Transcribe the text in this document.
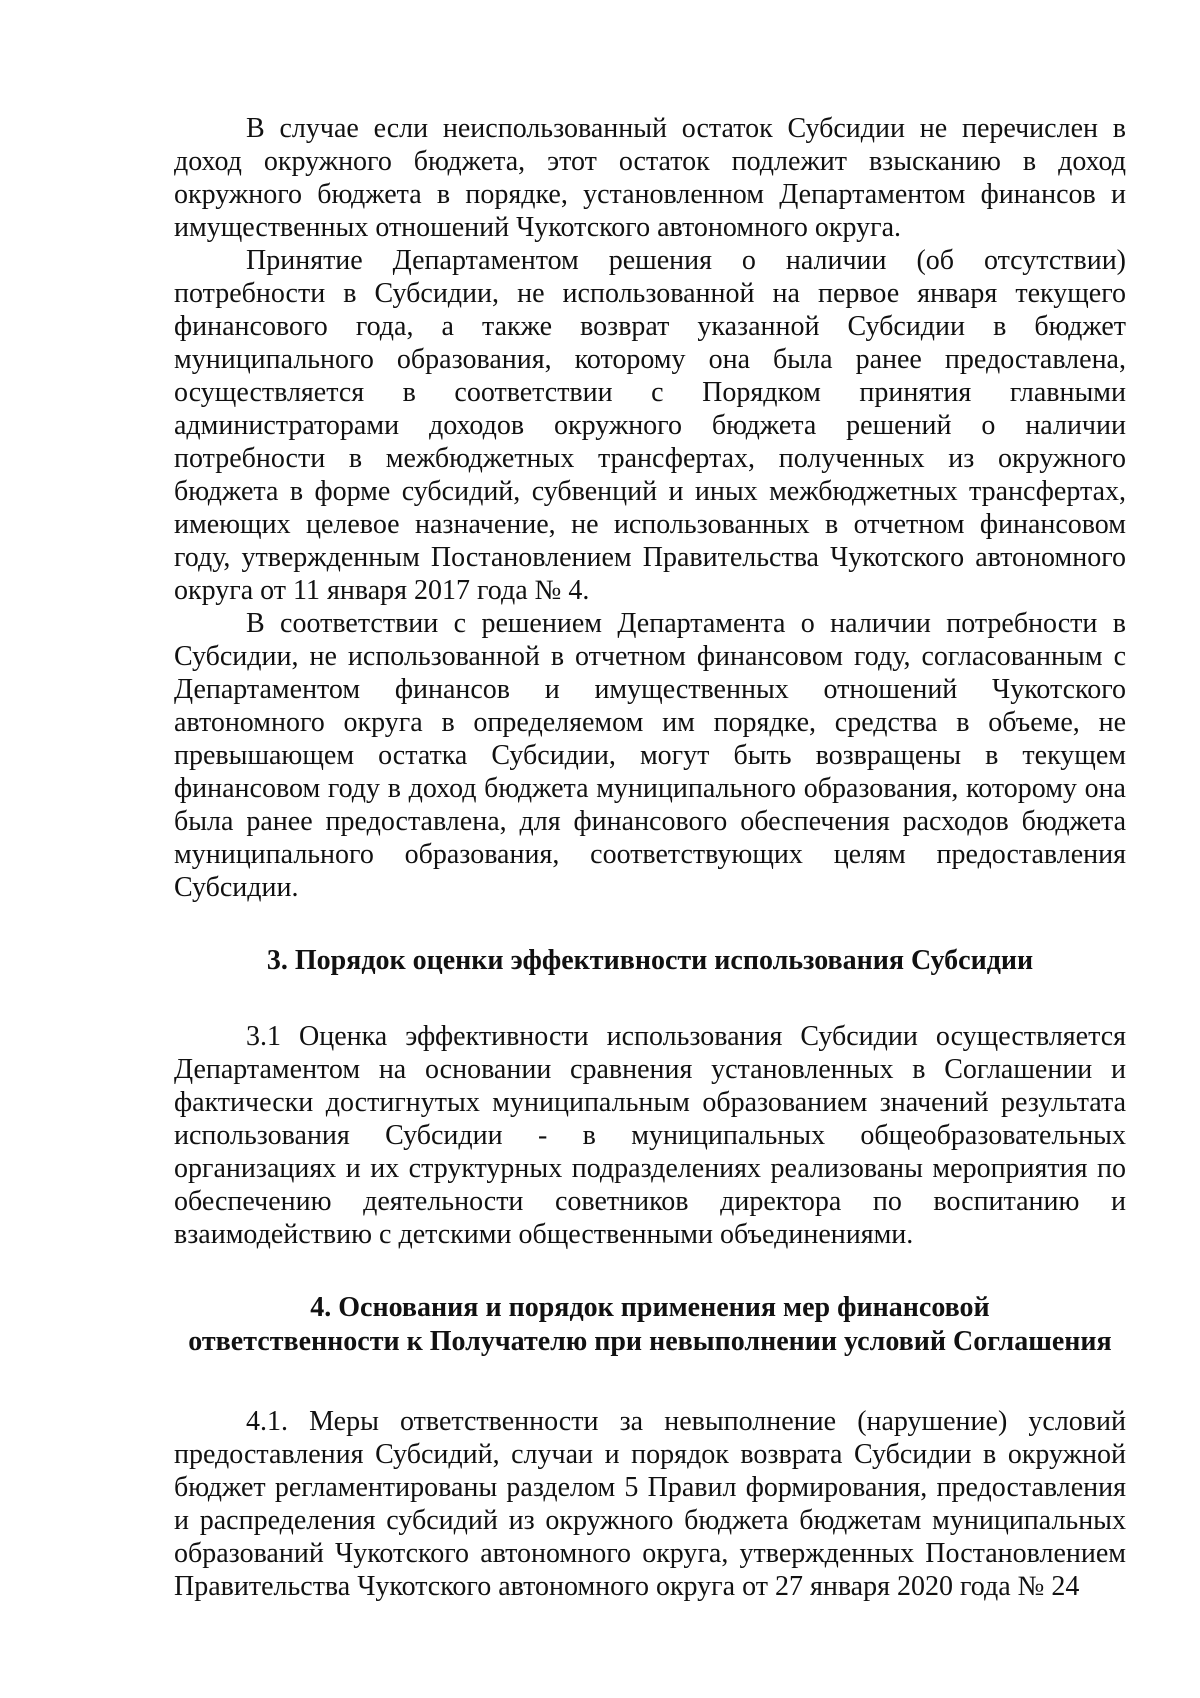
В случае если неиспользованный остаток Субсидии не перечислен в доход окружного бюджета, этот остаток подлежит взысканию в доход окружного бюджета в порядке, установленном Департаментом финансов и имущественных отношений Чукотского автономного округа.

Принятие Департаментом решения о наличии (об отсутствии) потребности в Субсидии, не использованной на первое января текущего финансового года, а также возврат указанной Субсидии в бюджет муниципального образования, которому она была ранее предоставлена, осуществляется в соответствии с Порядком принятия главными администраторами доходов окружного бюджета решений о наличии потребности в межбюджетных трансфертах, полученных из окружного бюджета в форме субсидий, субвенций и иных межбюджетных трансфертах, имеющих целевое назначение, не использованных в отчетном финансовом году, утвержденным Постановлением Правительства Чукотского автономного округа от 11 января 2017 года № 4.

В соответствии с решением Департамента о наличии потребности в Субсидии, не использованной в отчетном финансовом году, согласованным с Департаментом финансов и имущественных отношений Чукотского автономного округа в определяемом им порядке, средства в объеме, не превышающем остатка Субсидии, могут быть возвращены в текущем финансовом году в доход бюджета муниципального образования, которому она была ранее предоставлена, для финансового обеспечения расходов бюджета муниципального образования, соответствующих целям предоставления Субсидии.

3. Порядок оценки эффективности использования Субсидии

3.1 Оценка эффективности использования Субсидии осуществляется Департаментом на основании сравнения установленных в Соглашении и фактически достигнутых муниципальным образованием значений результата использования Субсидии - в муниципальных общеобразовательных организациях и их структурных подразделениях реализованы мероприятия по обеспечению деятельности советников директора по воспитанию и взаимодействию с детскими общественными объединениями.

4. Основания и порядок применения мер финансовой
ответственности к Получателю при невыполнении условий Соглашения

4.1. Меры ответственности за невыполнение (нарушение) условий предоставления Субсидий, случаи и порядок возврата Субсидии в окружной бюджет регламентированы разделом 5 Правил формирования, предоставления и распределения субсидий из окружного бюджета бюджетам муниципальных образований Чукотского автономного округа, утвержденных Постановлением Правительства Чукотского автономного округа от 27 января 2020 года № 24
